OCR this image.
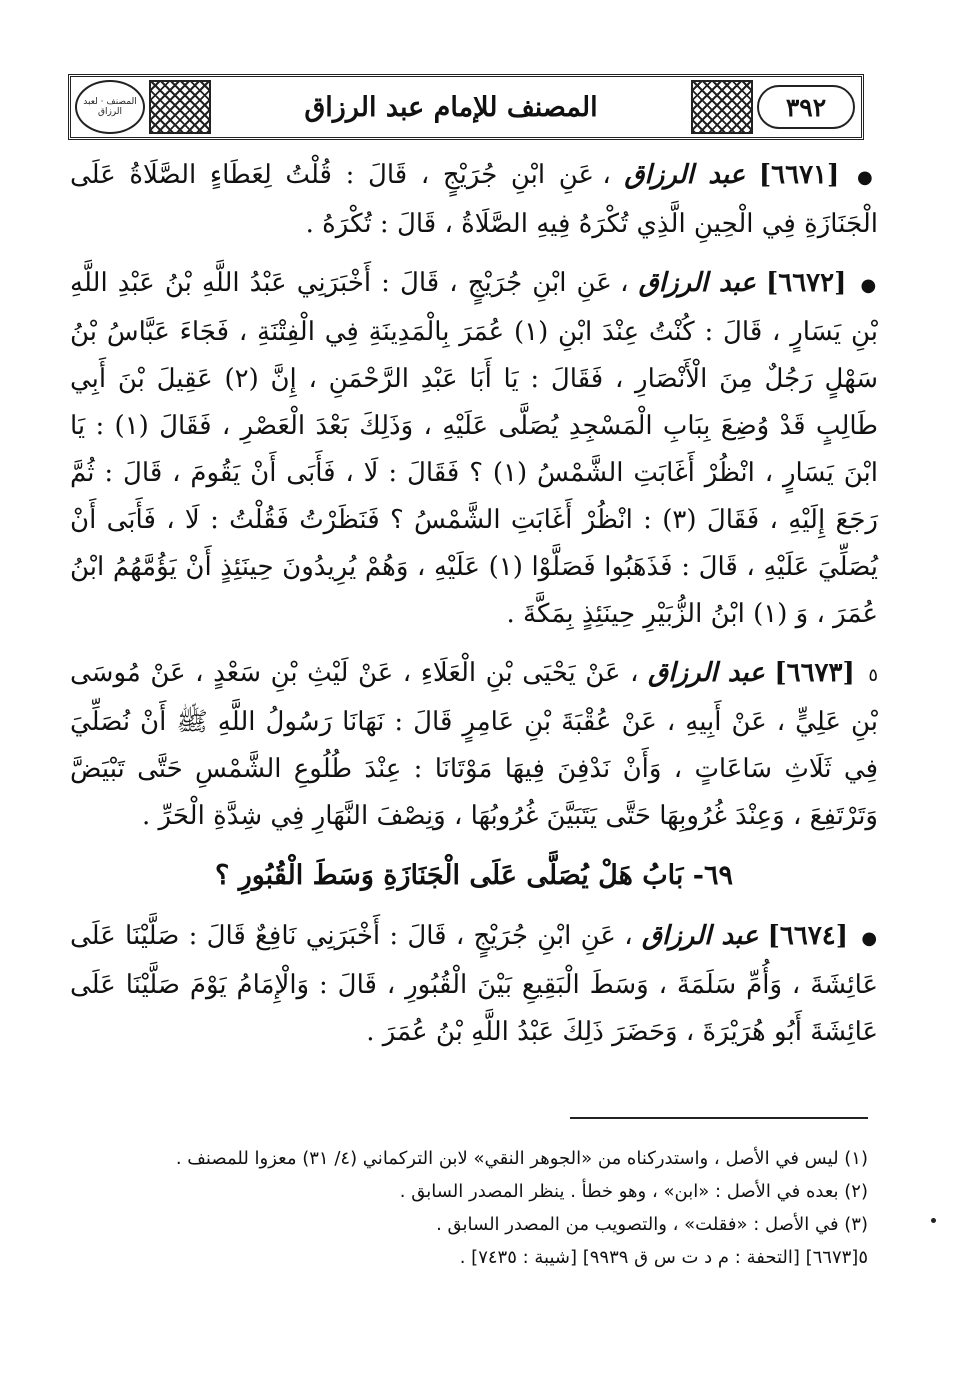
المصنف · لعبد الرزاق	المصنف للإمام عبد الرزاق	٣٩٢

● [٦٦٧١] عبد الرزاق ، عَنِ ابْنِ جُرَيْجٍ ، قَالَ : قُلْتُ لِعَطَاءٍ الصَّلَاةُ عَلَى الْجَنَازَةِ فِي الْحِينِ الَّذِي تُكْرَهُ فِيهِ الصَّلَاةُ ، قَالَ : تُكْرَهُ .

● [٦٦٧٢] عبد الرزاق ، عَنِ ابْنِ جُرَيْجٍ ، قَالَ : أَخْبَرَنِي عَبْدُ اللَّهِ بْنُ عَبْدِ اللَّهِ بْنِ يَسَارٍ ، قَالَ : كُنْتُ عِنْدَ ابْنِ (١) عُمَرَ بِالْمَدِينَةِ فِي الْفِتْنَةِ ، فَجَاءَ عَبَّاسُ بْنُ سَهْلٍ رَجُلٌ مِنَ الْأَنْصَارِ ، فَقَالَ : يَا أَبَا عَبْدِ الرَّحْمَنِ ، إِنَّ (٢) عَقِيلَ بْنَ أَبِي طَالِبٍ قَدْ وُضِعَ بِبَابِ الْمَسْجِدِ يُصَلَّى عَلَيْهِ ، وَذَلِكَ بَعْدَ الْعَصْرِ ، فَقَالَ (١) : يَا ابْنَ يَسَارٍ ، انْظُرْ أَغَابَتِ الشَّمْسُ (١) ؟ فَقَالَ : لَا ، فَأَبَى أَنْ يَقُومَ ، قَالَ : ثُمَّ رَجَعَ إِلَيْهِ ، فَقَالَ (٣) : انْظُرْ أَغَابَتِ الشَّمْسُ ؟ فَنَظَرْتُ فَقُلْتُ : لَا ، فَأَبَى أَنْ يُصَلِّيَ عَلَيْهِ ، قَالَ : فَذَهَبُوا فَصَلَّوْا (١) عَلَيْهِ ، وَهُمْ يُرِيدُونَ حِينَئِذٍ أَنْ يَؤُمَّهُمُ ابْنُ عُمَرَ ، وَ (١) ابْنُ الزُّبَيْرِ حِينَئِذٍ بِمَكَّةَ .

٥ [٦٦٧٣] عبد الرزاق ، عَنْ يَحْيَى بْنِ الْعَلَاءِ ، عَنْ لَيْثِ بْنِ سَعْدٍ ، عَنْ مُوسَى بْنِ عَلِيٍّ ، عَنْ أَبِيهِ ، عَنْ عُقْبَةَ بْنِ عَامِرٍ قَالَ : نَهَانَا رَسُولُ اللَّهِ ﷺ أَنْ نُصَلِّيَ فِي ثَلَاثِ سَاعَاتٍ ، وَأَنْ نَدْفِنَ فِيهَا مَوْتَانَا : عِنْدَ طُلُوعِ الشَّمْسِ حَتَّى تَبْيَضَّ وَتَرْتَفِعَ ، وَعِنْدَ غُرُوبِهَا حَتَّى يَتَبَيَّنَ غُرُوبُهَا ، وَنِصْفَ النَّهَارِ فِي شِدَّةِ الْحَرِّ .

٦٩- بَابُ هَلْ يُصَلَّى عَلَى الْجَنَازَةِ وَسَطَ الْقُبُورِ ؟

● [٦٦٧٤] عبد الرزاق ، عَنِ ابْنِ جُرَيْجٍ ، قَالَ : أَخْبَرَنِي نَافِعٌ قَالَ : صَلَّيْنَا عَلَى عَائِشَةَ ، وَأُمِّ سَلَمَةَ ، وَسَطَ الْبَقِيعِ بَيْنَ الْقُبُورِ ، قَالَ : وَالْإِمَامُ يَوْمَ صَلَّيْنَا عَلَى عَائِشَةَ أَبُو هُرَيْرَةَ ، وَحَضَرَ ذَلِكَ عَبْدُ اللَّهِ بْنُ عُمَرَ .

(١) ليس في الأصل ، واستدركناه من «الجوهر النقي» لابن التركماني (٤/ ٣١) معزوا للمصنف .

(٢) بعده في الأصل : «ابن» ، وهو خطأ . ينظر المصدر السابق .

(٣) في الأصل : «فقلت» ، والتصويب من المصدر السابق .

٥[٦٦٧٣] [التحفة : م د ت س ق ٩٩٣٩] [شيبة : ٧٤٣٥] .
